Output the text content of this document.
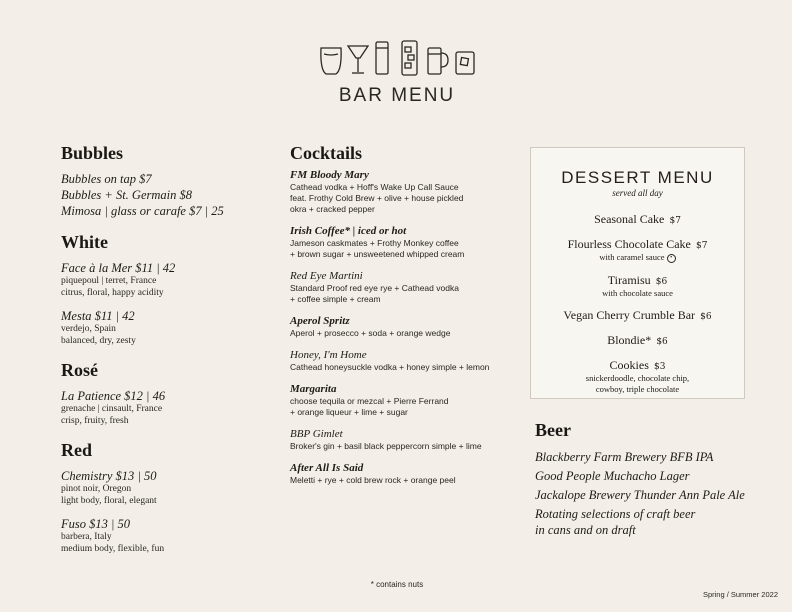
BAR MENU
Bubbles
Bubbles on tap $7
Bubbles + St. Germain $8
Mimosa | glass or carafe $7 | 25
White
Face à la Mer $11 | 42
piquepoul | terret, France
citrus, floral, happy acidity
Mesta $11 | 42
verdejo, Spain
balanced, dry, zesty
Rosé
La Patience $12 | 46
grenache | cinsault, France
crisp, fruity, fresh
Red
Chemistry $13 | 50
pinot noir, Oregon
light body, floral, elegant
Fuso $13 | 50
barbera, Italy
medium body, flexible, fun
Cocktails
FM Bloody Mary
Cathead vodka + Hoff's Wake Up Call Sauce
feat. Frothy Cold Brew + olive + house pickled
okra + cracked pepper
Irish Coffee* | iced or hot
Jameson caskmates + Frothy Monkey coffee
+ brown sugar + unsweetened whipped cream
Red Eye Martini
Standard Proof red eye rye + Cathead vodka
+ coffee simple + cream
Aperol Spritz
Aperol + prosecco + soda + orange wedge
Honey, I'm Home
Cathead honeysuckle vodka + honey simple + lemon
Margarita
choose tequila or mezcal + Pierre Ferrand
+ orange liqueur + lime + sugar
BBP Gimlet
Broker's gin + basil black peppercorn simple + lime
After All Is Said
Meletti + rye + cold brew rock + orange peel
DESSERT MENU
served all day
Seasonal Cake $7
Flourless Chocolate Cake $7
with caramel sauce •
Tiramisu $6
with chocolate sauce
Vegan Cherry Crumble Bar $6
Blondie* $6
Cookies $3
snickerdoodle, chocolate chip,
cowboy, triple chocolate
Beer
Blackberry Farm Brewery BFB IPA
Good People Muchacho Lager
Jackalope Brewery Thunder Ann Pale Ale
Rotating selections of craft beer
in cans and on draft
* contains nuts
Spring / Summer 2022
